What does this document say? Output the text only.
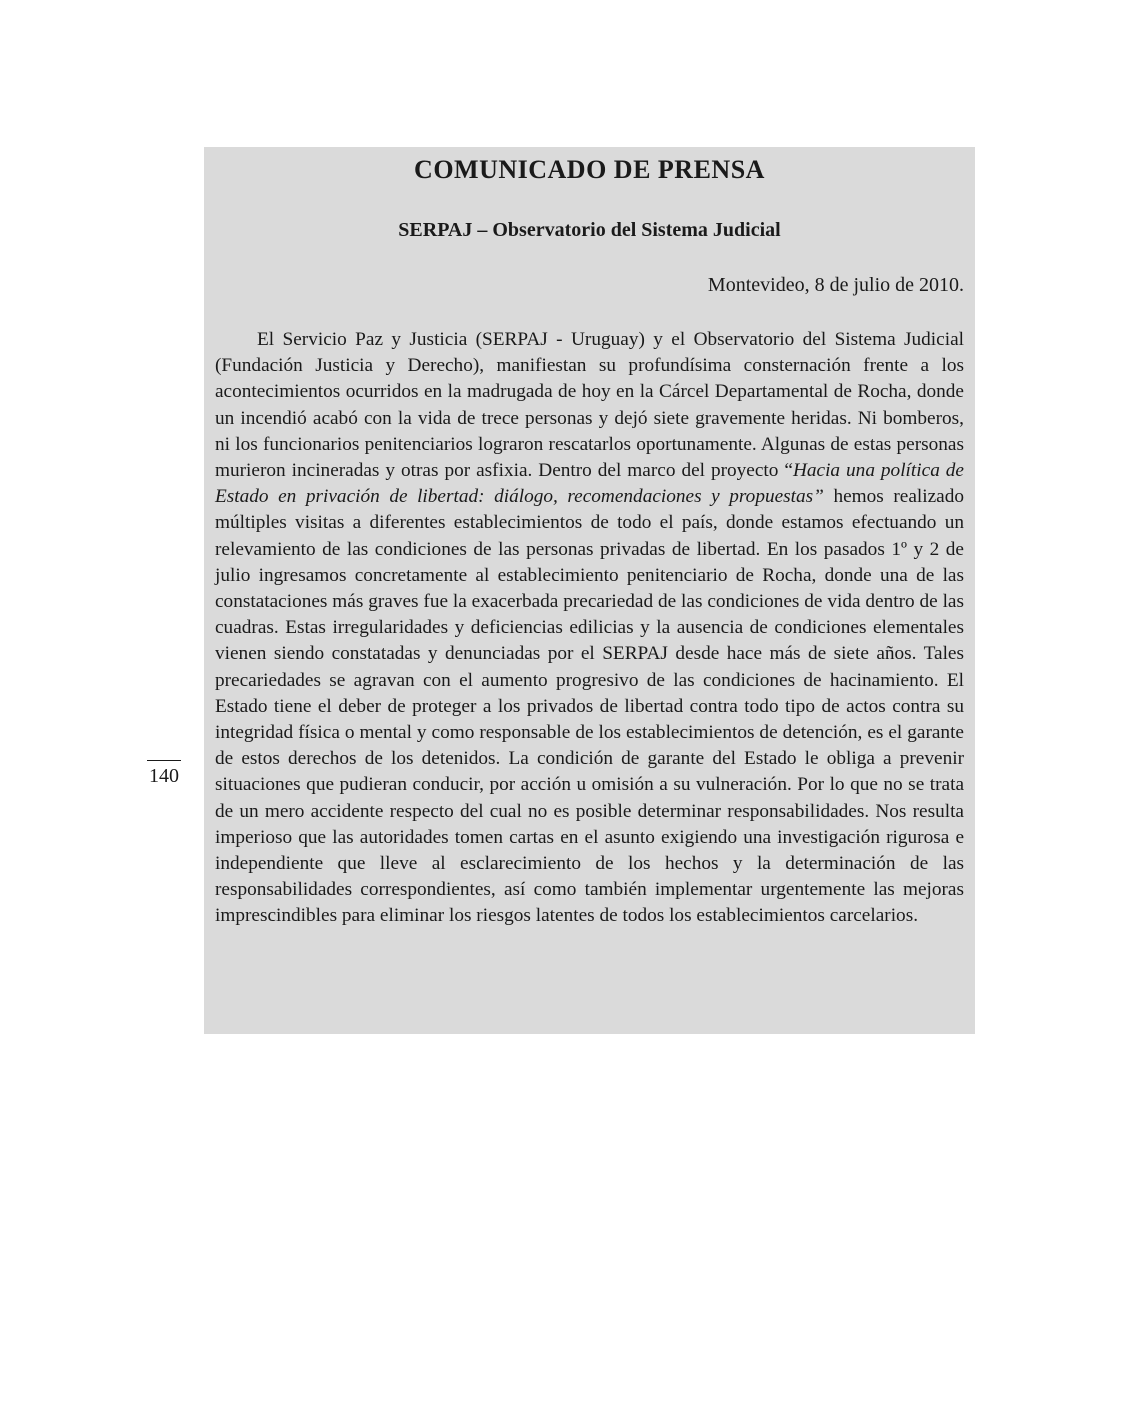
140
COMUNICADO DE PRENSA
SERPAJ – Observatorio del Sistema Judicial

Montevideo, 8 de julio de 2010.

El Servicio Paz y Justicia (SERPAJ - Uruguay) y el Observatorio del Sistema Judicial (Fundación Justicia y Derecho), manifiestan su profundísima consternación frente a los acontecimientos ocurridos en la madrugada de hoy en la Cárcel Departamental de Rocha, donde un incendió acabó con la vida de trece personas y dejó siete gravemente heridas. Ni bomberos, ni los funcionarios penitenciarios lograron rescatarlos oportunamente. Algunas de estas personas murieron incineradas y otras por asfixia. Dentro del marco del proyecto “Hacia una política de Estado en privación de libertad: diálogo, recomendaciones y propuestas” hemos realizado múltiples visitas a diferentes establecimientos de todo el país, donde estamos efectuando un relevamiento de las condiciones de las personas privadas de libertad. En los pasados 1º y 2 de julio ingresamos concretamente al establecimiento penitenciario de Rocha, donde una de las constataciones más graves fue la exacerbada precariedad de las condiciones de vida dentro de las cuadras. Estas irregularidades y deficiencias edilicias y la ausencia de condiciones elementales vienen siendo constatadas y denunciadas por el SERPAJ desde hace más de siete años. Tales precariedades se agravan con el aumento progresivo de las condiciones de hacinamiento. El Estado tiene el deber de proteger a los privados de libertad contra todo tipo de actos contra su integridad física o mental y como responsable de los establecimientos de detención, es el garante de estos derechos de los detenidos. La condición de garante del Estado le obliga a prevenir situaciones que pudieran conducir, por acción u omisión a su vulneración. Por lo que no se trata de un mero accidente respecto del cual no es posible determinar responsabilidades. Nos resulta imperioso que las autoridades tomen cartas en el asunto exigiendo una investigación rigurosa e independiente que lleve al esclarecimiento de los hechos y la determinación de las responsabilidades correspondientes, así como también implementar urgentemente las mejoras imprescindibles para eliminar los riesgos latentes de todos los establecimientos carcelarios.
